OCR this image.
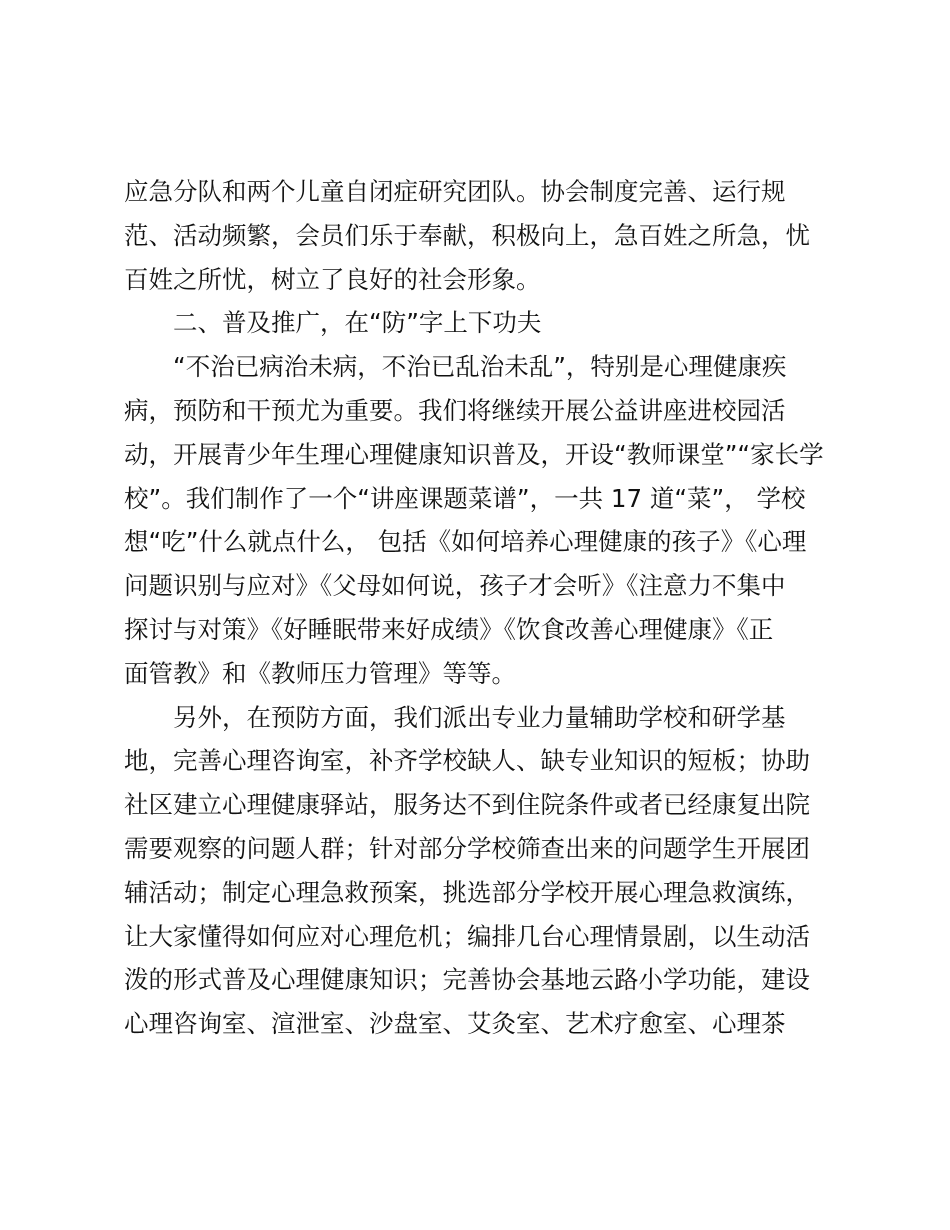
应急分队和两个儿童自闭症研究团队。协会制度完善、运行规
范、活动频繁，会员们乐于奉献，积极向上，急百姓之所急，忧
百姓之所忧，树立了良好的社会形象。
二、普及推广，在“防”字上下功夫
“不治已病治未病，不治已乱治未乱”，特别是心理健康疾
病，预防和干预尤为重要。我们将继续开展公益讲座进校园活
动，开展青少年生理心理健康知识普及，开设“教师课堂”“家长学
校”。我们制作了一个“讲座课题菜谱”，一共 17 道“菜”， 学校
想“吃”什么就点什么， 包括《如何培养心理健康的孩子》《心理
问题识别与应对》《父母如何说，孩子才会听》《注意力不集中
探讨与对策》《好睡眠带来好成绩》《饮食改善心理健康》《正
面管教》和《教师压力管理》等等。
另外，在预防方面，我们派出专业力量辅助学校和研学基
地，完善心理咨询室，补齐学校缺人、缺专业知识的短板；协助
社区建立心理健康驿站，服务达不到住院条件或者已经康复出院
需要观察的问题人群；针对部分学校筛查出来的问题学生开展团
辅活动；制定心理急救预案，挑选部分学校开展心理急救演练，
让大家懂得如何应对心理危机；编排几台心理情景剧，以生动活
泼的形式普及心理健康知识；完善协会基地云路小学功能，建设
心理咨询室、渲泄室、沙盘室、艾灸室、艺术疗愈室、心理茶
